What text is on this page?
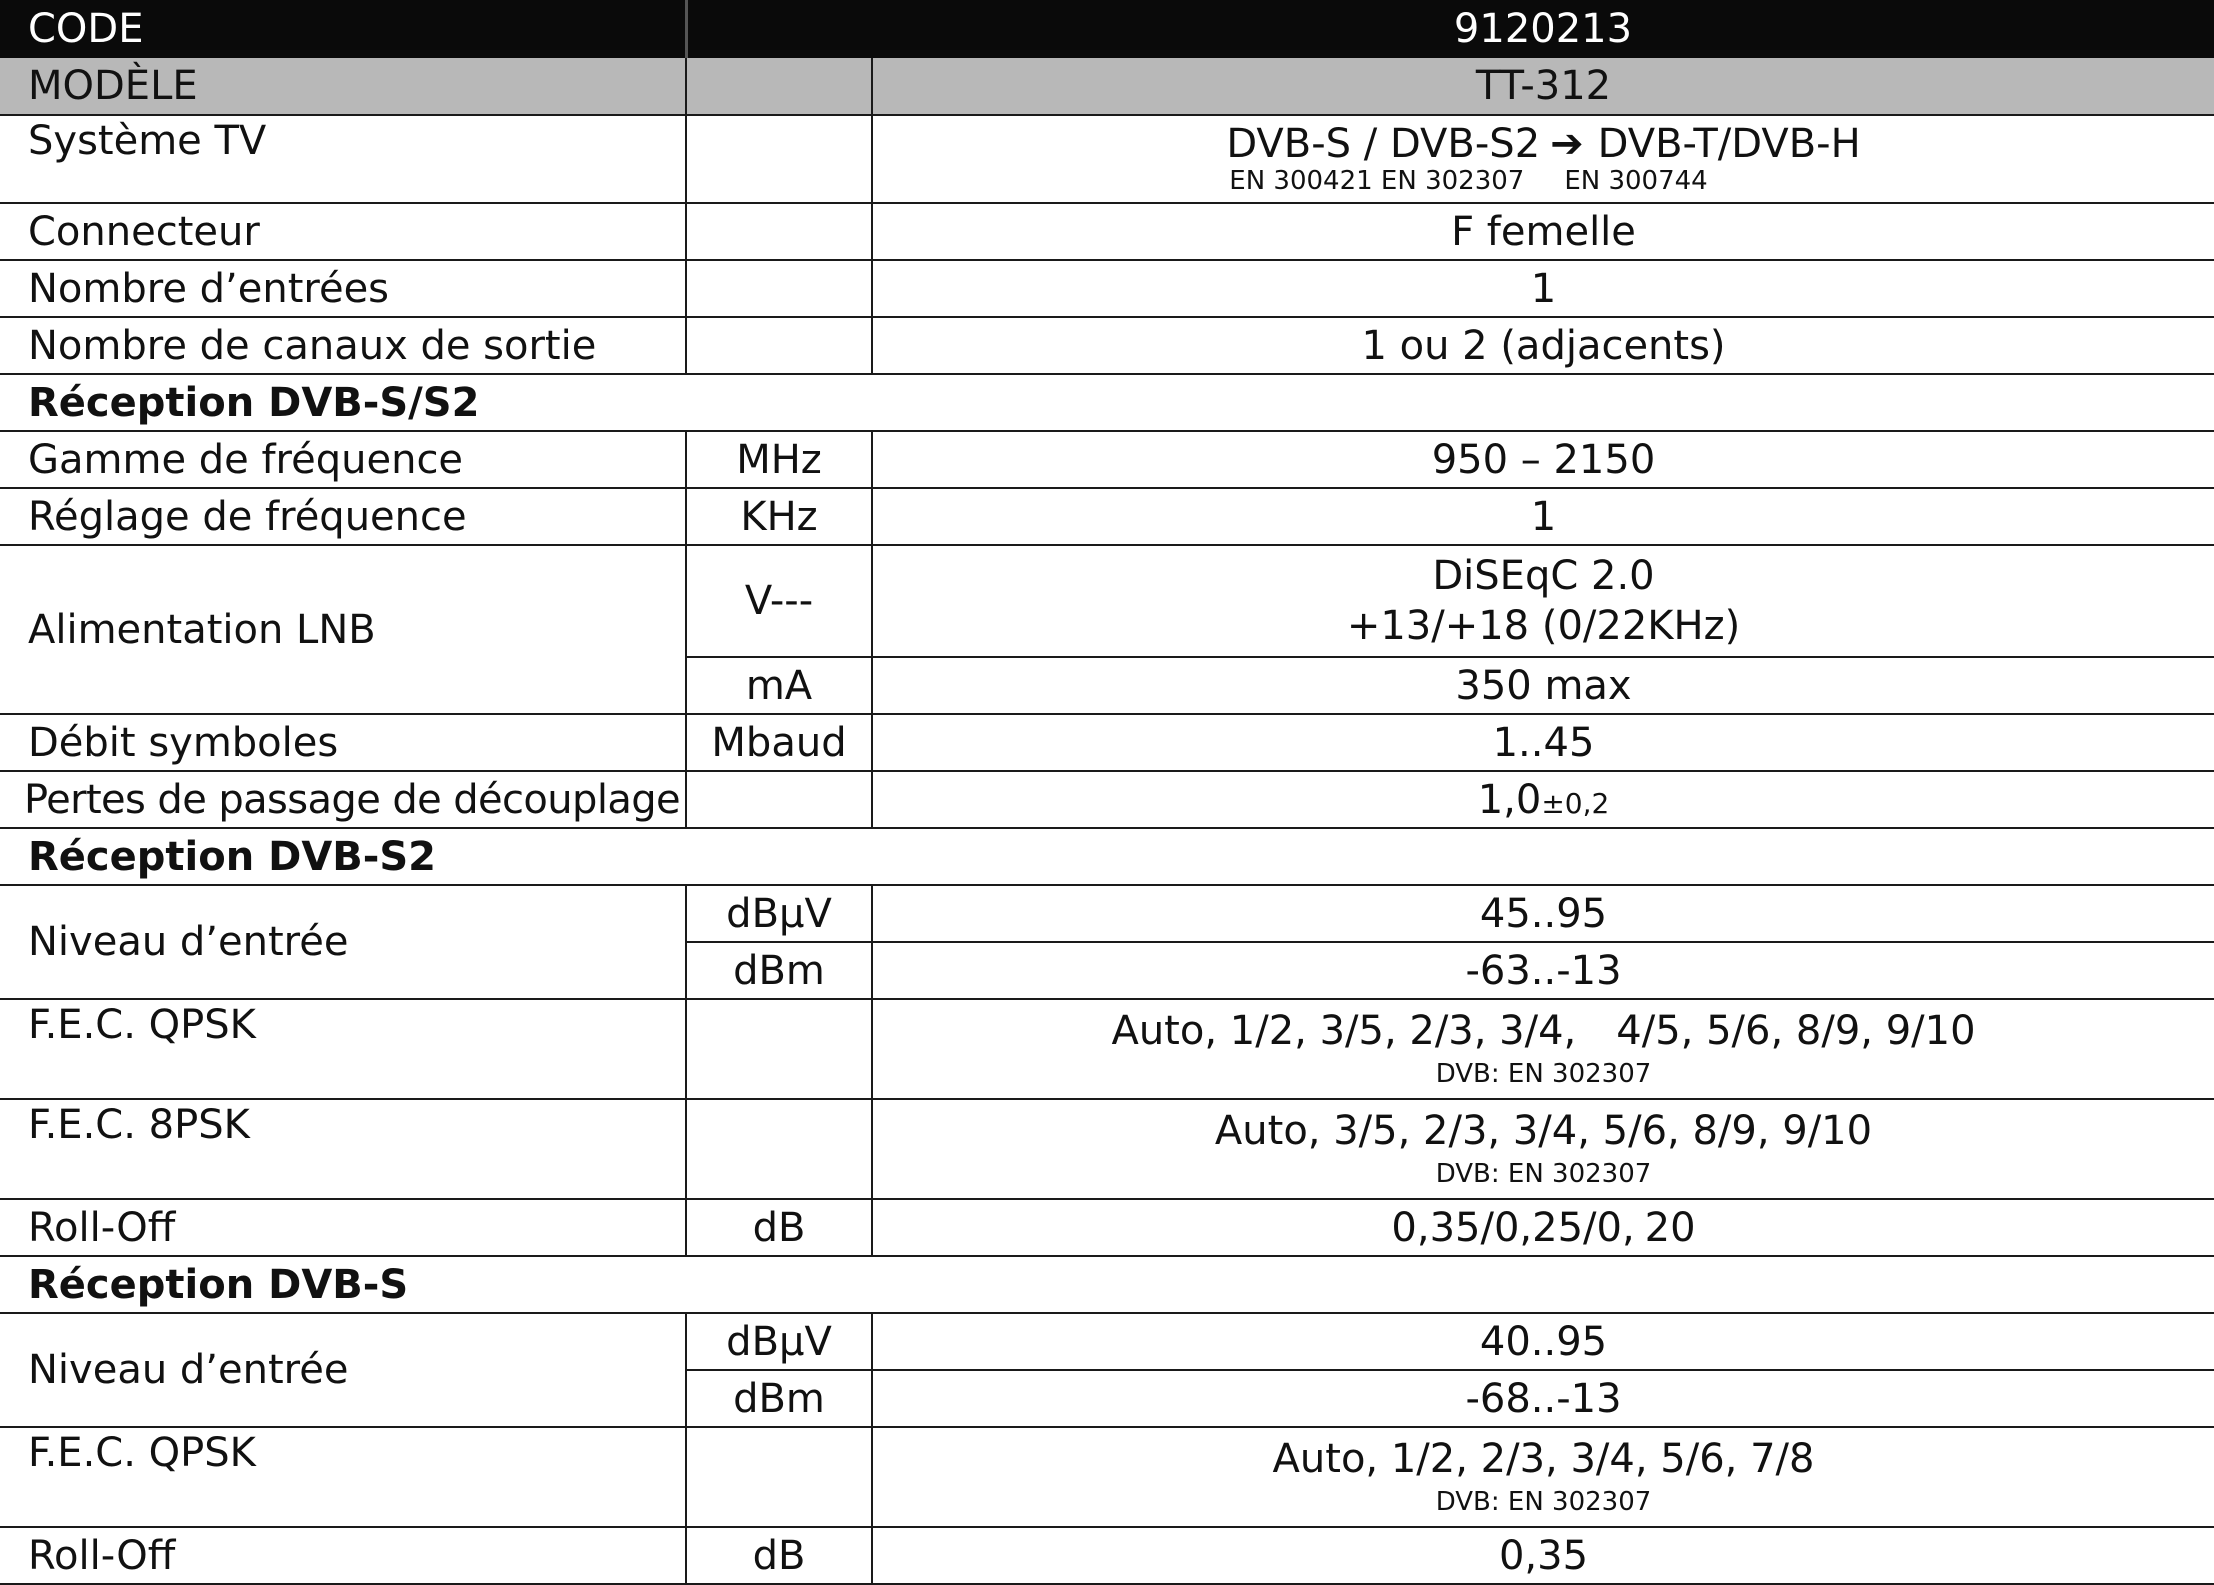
CODE		9120213
MODÈLE		TT-312
Système TV		DVB-S / DVB-S2 ➔ DVB-T/DVB-H
EN 300421 EN 302307 EN 300744

Connecteur		F femelle
Nombre d’entrées		1
Nombre de canaux de sortie		1 ou 2 (adjacents)
Réception DVB-S/S2		
Gamme de fréquence	MHz	950 – 2150
Réglage de fréquence	KHz	1
Alimentation LNB	V---	DiSEqC 2.0
+13/+18 (0/22KHz)

	mA	350 max
Débit symboles	Mbaud	1..45
Pertes de passage de découplage		1,0±0,2
Réception DVB-S2		
Niveau d’entrée	dBμV	45..95
	dBm	-63..-13
F.E.C. QPSK		Auto, 1/2, 3/5, 2/3, 3/4, 4/5, 5/6, 8/9, 9/10
DVB: EN 302307

F.E.C. 8PSK		Auto, 3/5, 2/3, 3/4, 5/6, 8/9, 9/10
DVB: EN 302307

Roll-Off	dB	0,35/0,25/0, 20
Réception DVB-S		
Niveau d’entrée	dBμV	40..95
	dBm	-68..-13
F.E.C. QPSK		Auto, 1/2, 2/3, 3/4, 5/6, 7/8
DVB: EN 302307

Roll-Off	dB	0,35
